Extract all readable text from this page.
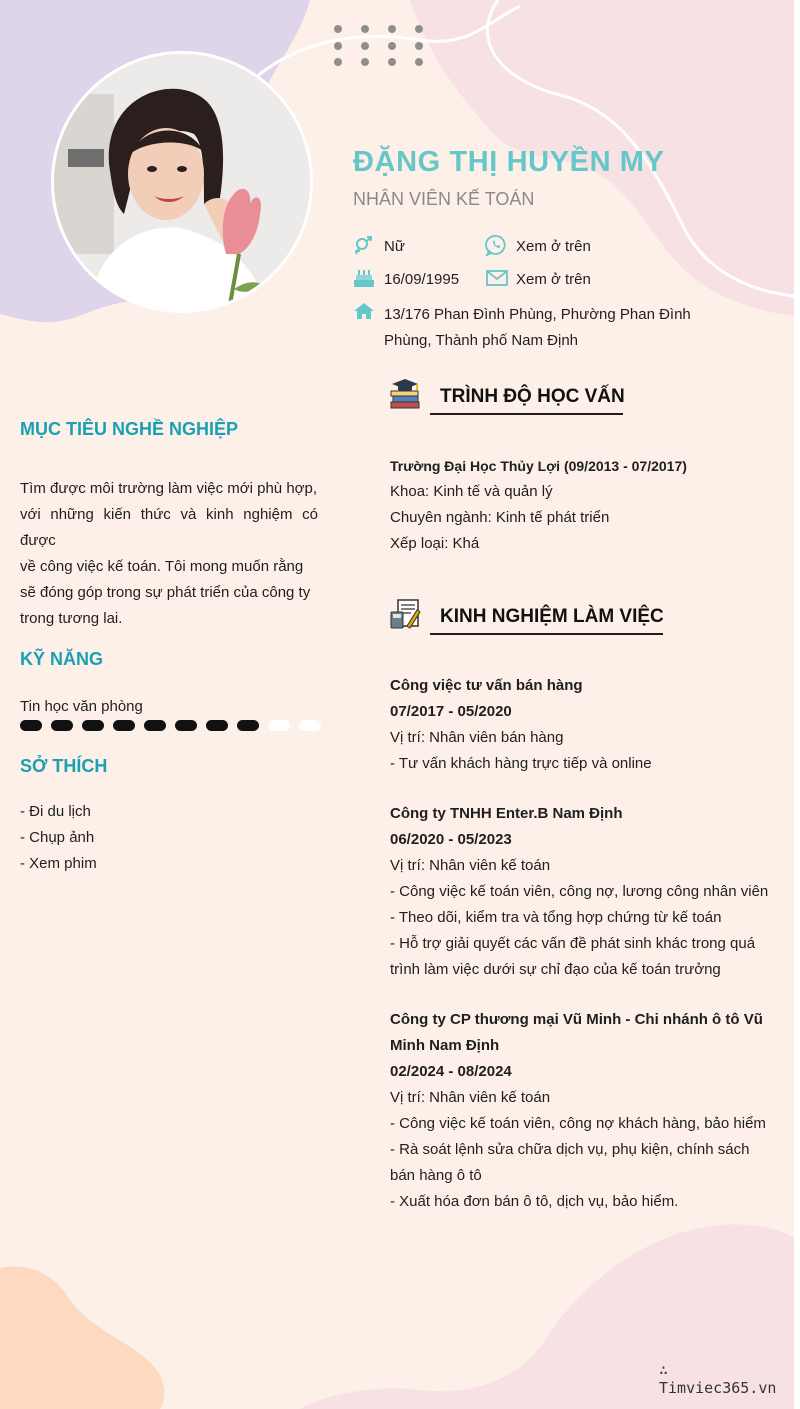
ĐẶNG THỊ HUYỀN MY
NHÂN VIÊN KẾ TOÁN
Nữ	Xem ở trên
16/09/1995	Xem ở trên
13/176 Phan Đình Phùng, Phường Phan Đình
Phùng, Thành phố Nam Định
MỤC TIÊU NGHỀ NGHIỆP
Tìm được môi trường làm việc mới phù hợp,
với những kiến thức và kinh nghiệm có được
về công việc kế toán. Tôi mong muốn rằng
sẽ đóng góp trong sự phát triển của công ty
trong tương lai.
KỸ NĂNG
Tin học văn phòng
SỞ THÍCH
- Đi du lịch
- Chụp ảnh
- Xem phim
TRÌNH ĐỘ HỌC VẤN
Trường Đại Học Thủy Lợi (09/2013 - 07/2017)
Khoa: Kinh tế và quản lý
Chuyên ngành: Kinh tế phát triển
Xếp loại: Khá
KINH NGHIỆM LÀM VIỆC
Công việc tư vấn bán hàng
07/2017 - 05/2020
Vị trí: Nhân viên bán hàng
- Tư vấn khách hàng trực tiếp và online
Công ty TNHH Enter.B Nam Định
06/2020 - 05/2023
Vị trí: Nhân viên kế toán
- Công việc kế toán viên, công nợ, lương công nhân viên
- Theo dõi, kiểm tra và tổng hợp chứng từ kế toán
- Hỗ trợ giải quyết các vấn đề phát sinh khác trong quá
trình làm việc dưới sự chỉ đạo của kế toán trưởng
Công ty CP thương mại Vũ Minh - Chi nhánh ô tô Vũ
Minh Nam Định
02/2024 - 08/2024
Vị trí: Nhân viên kế toán
- Công việc kế toán viên, công nợ khách hàng, bảo hiểm
- Rà soát lệnh sửa chữa dịch vụ, phụ kiện, chính sách
bán hàng ô tô
- Xuất hóa đơn bán ô tô, dịch vụ, bảo hiểm.
∴ Timviec365.vn
